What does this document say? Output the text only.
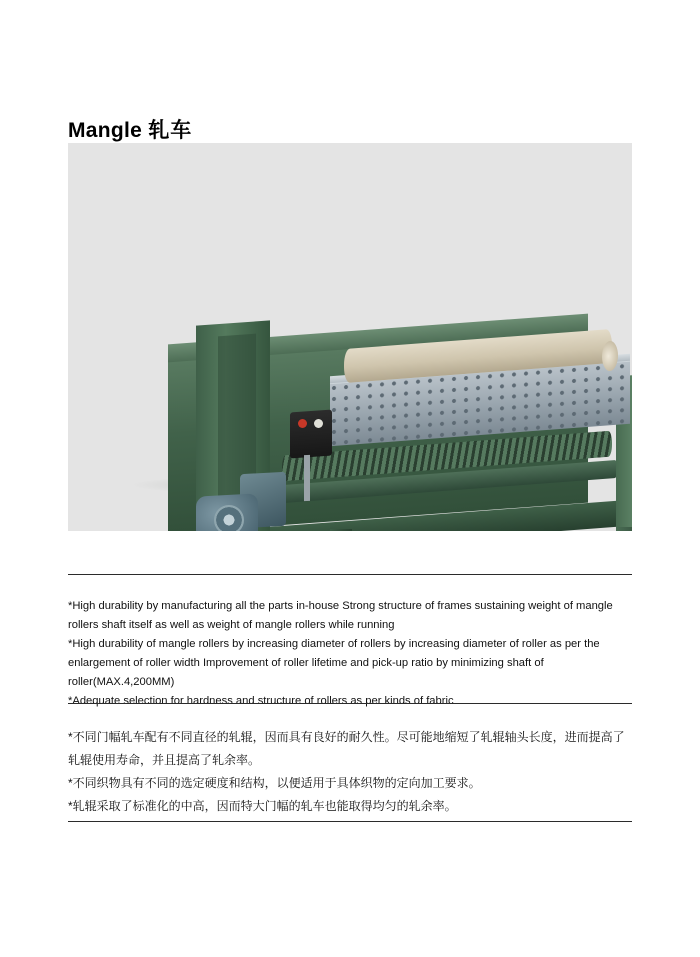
Mangle 轧车

*High durability by manufacturing all the parts in-house Strong structure of frames sustaining weight of mangle rollers shaft itself as well as weight of mangle rollers while running

*High durability of mangle rollers by increasing diameter of rollers by increasing diameter of roller as per the enlargement of roller width Improvement of roller lifetime and pick-up ratio by minimizing shaft of roller(MAX.4,200MM)

*Adequate selection for hardness and structure of rollers as per kinds of fabric

*不同门幅轧车配有不同直径的轧辊，因而具有良好的耐久性。尽可能地缩短了轧辊轴头长度，进而提高了轧辊使用寿命，并且提高了轧余率。

*不同织物具有不同的选定硬度和结构，以便适用于具体织物的定向加工要求。

*轧辊采取了标准化的中高，因而特大门幅的轧车也能取得均匀的轧余率。
